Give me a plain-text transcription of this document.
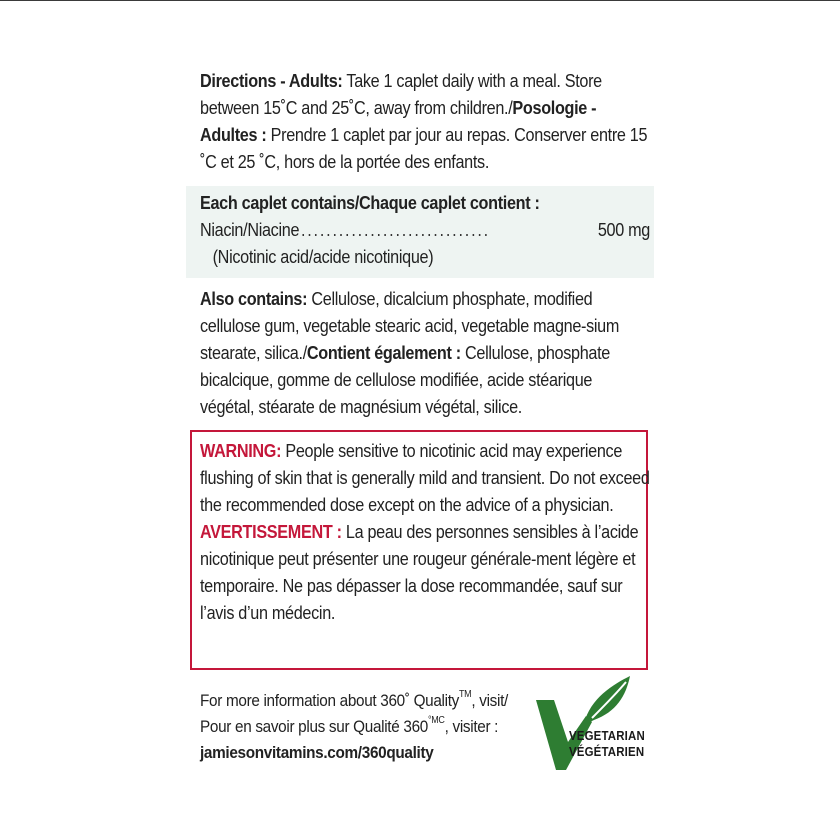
Directions - Adults: Take 1 caplet daily with a meal. Store between 15˚C and 25˚C, away from children./Posologie - Adultes : Prendre 1 caplet par jour au repas. Conserver entre 15 ˚C et 25 ˚C, hors de la portée des enfants.
Each caplet contains/Chaque caplet contient :
Niacin/Niacine ..............................	500 mg
(Nicotinic acid/acide nicotinique)
Also contains: Cellulose, dicalcium phosphate, modified cellulose gum, vegetable stearic acid, vegetable magne-sium stearate, silica./Contient également : Cellulose, phosphate bicalcique, gomme de cellulose modifiée, acide stéarique végétal, stéarate de magnésium végétal, silice.
WARNING: People sensitive to nicotinic acid may experience flushing of skin that is generally mild and transient. Do not exceed the recommended dose except on the advice of a physician.
AVERTISSEMENT : La peau des personnes sensibles à l’acide nicotinique peut présenter une rougeur générale-ment légère et temporaire. Ne pas dépasser la dose recommandée, sauf sur l’avis d’un médecin.
For more information about 360˚ Quality™, visit/
Pour en savoir plus sur Qualité $360^{^\circ MC}$, visiter :
jamiesonvitamins.com/360quality
VEGETARIAN
VÉGÉTARIEN
